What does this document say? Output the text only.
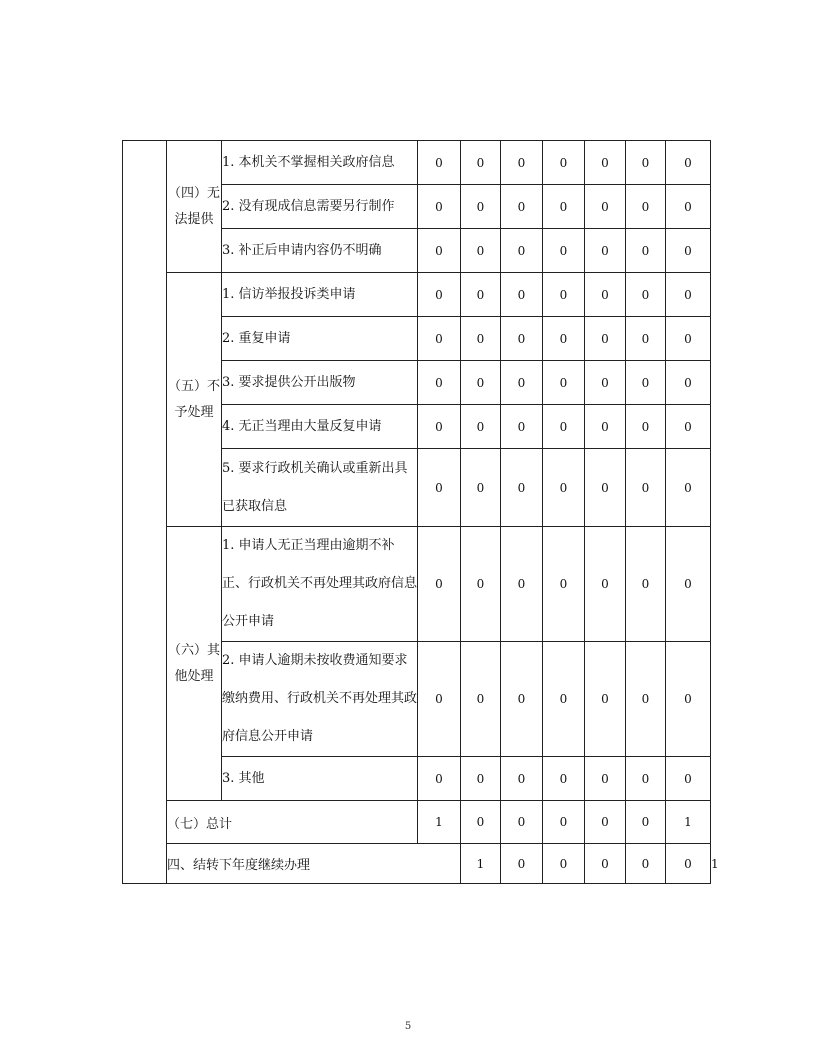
	（四）无法提供	1. 本机关不掌握相关政府信息	0	0	0	0	0	0	0	
		2. 没有现成信息需要另行制作	0	0	0	0	0	0	0	
		3. 补正后申请内容仍不明确	0	0	0	0	0	0	0	
	（五）不予处理	1. 信访举报投诉类申请	0	0	0	0	0	0	0	
		2. 重复申请	0	0	0	0	0	0	0	
		3. 要求提供公开出版物	0	0	0	0	0	0	0	
		4. 无正当理由大量反复申请	0	0	0	0	0	0	0	
		5. 要求行政机关确认或重新出具已获取信息	0	0	0	0	0	0	0	
	（六）其他处理	1. 申请人无正当理由逾期不补正、行政机关不再处理其政府信息公开申请	0	0	0	0	0	0	0	
		2. 申请人逾期未按收费通知要求缴纳费用、行政机关不再处理其政府信息公开申请	0	0	0	0	0	0	0	
		3. 其他	0	0	0	0	0	0	0	
	（七）总计		1	0	0	0	0	0	1	
	四、结转下年度继续办理			1	0	0	0	0	0	1
5
